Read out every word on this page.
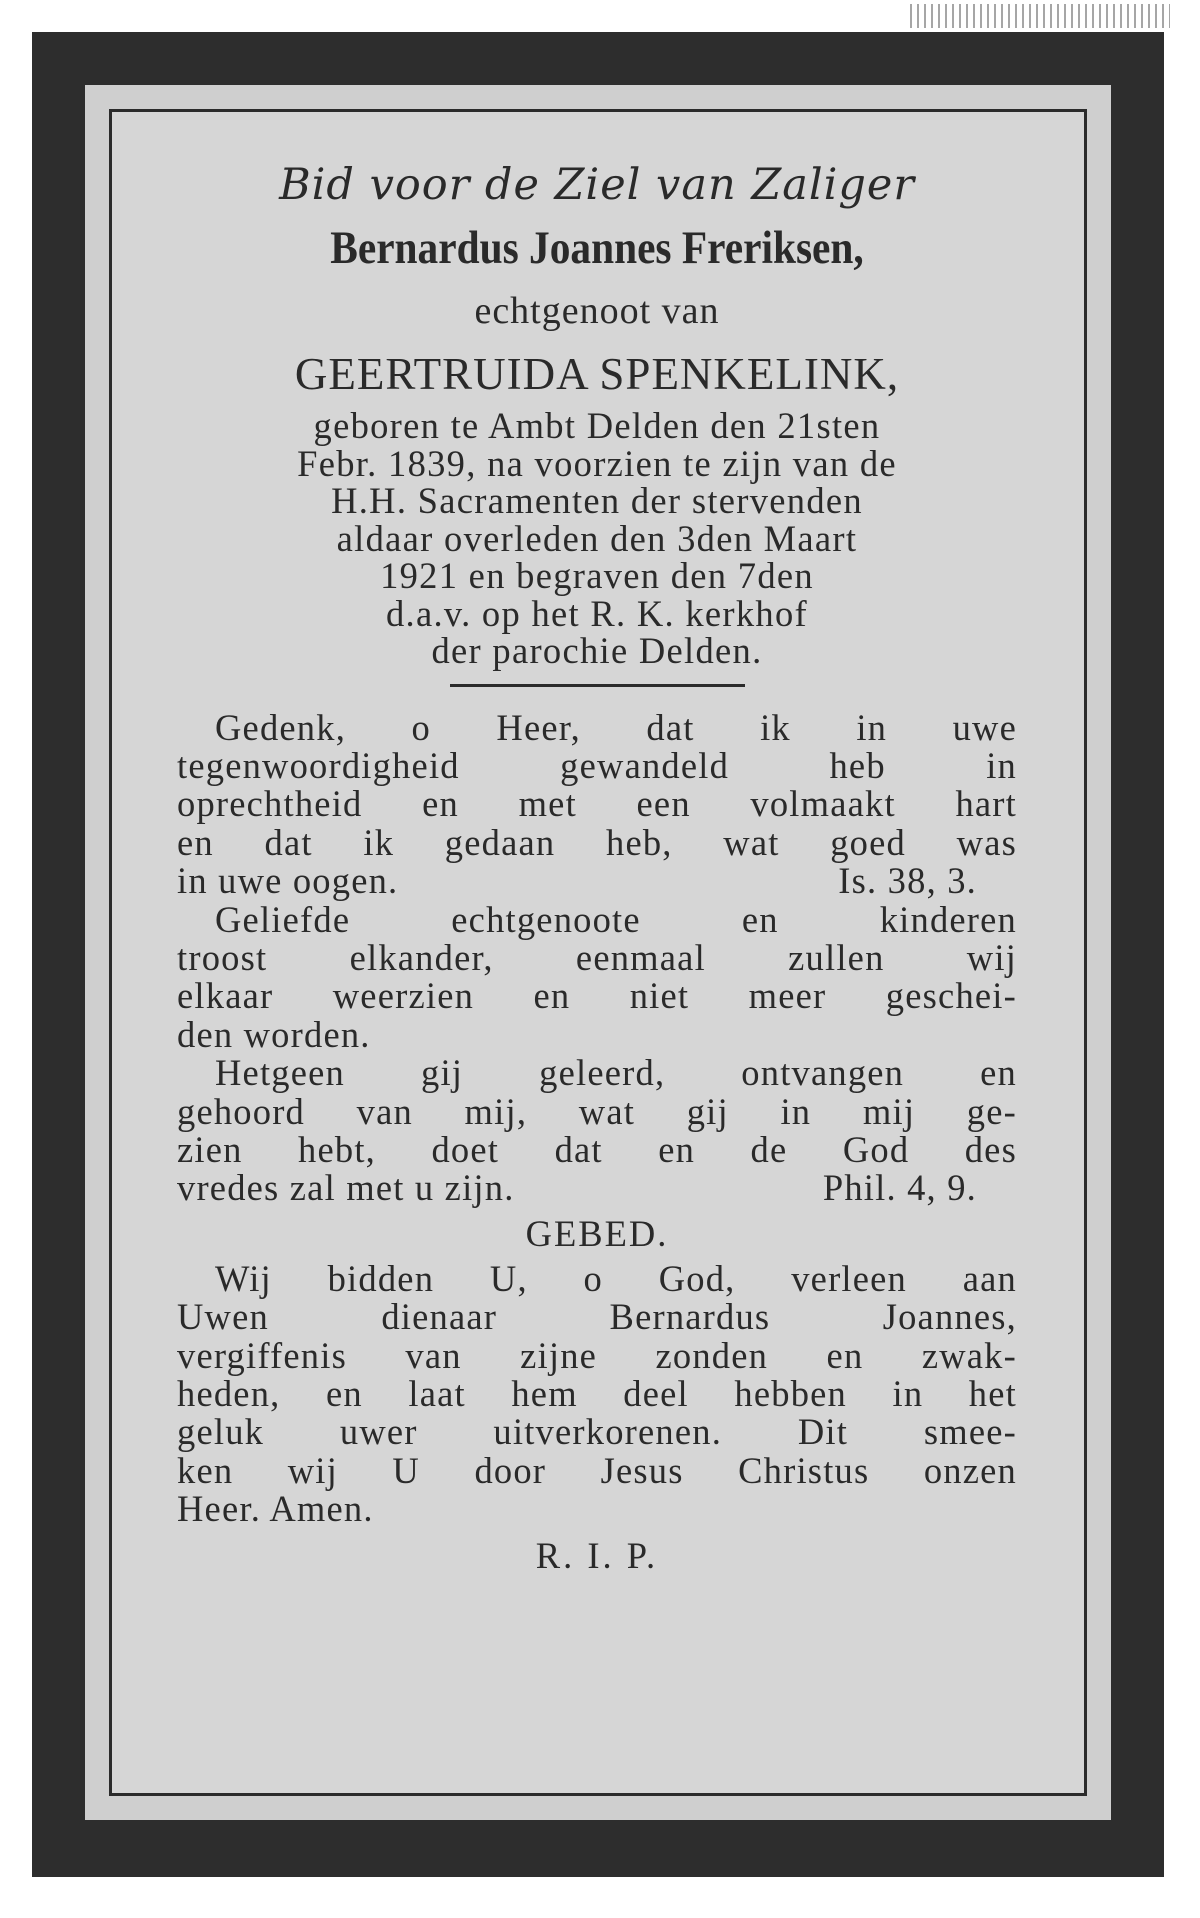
Bid voor de Ziel van Zaliger
Bernardus Joannes Freriksen,
echtgenoot van
GEERTRUIDA SPENKELINK,
geboren te Ambt Delden den 21sten
Febr. 1839, na voorzien te zijn van de
H.H. Sacramenten der stervenden
aldaar overleden den 3den Maart
1921 en begraven den 7den
d.a.v. op het R. K. kerkhof
der parochie Delden.
Gedenk, o Heer, dat ik in uwe
tegenwoordigheid gewandeld heb in
oprechtheid en met een volmaakt hart
en dat ik gedaan heb, wat goed was
in uwe oogen.	Is. 38, 3.
Geliefde echtgenoote en kinderen
troost elkander, eenmaal zullen wij
elkaar weerzien en niet meer geschei-
den worden.
Hetgeen gij geleerd, ontvangen en
gehoord van mij, wat gij in mij ge-
zien hebt, doet dat en de God des
vredes zal met u zijn.	Phil. 4, 9.
GEBED.
Wij bidden U, o God, verleen aan
Uwen dienaar Bernardus Joannes,
vergiffenis van zijne zonden en zwak-
heden, en laat hem deel hebben in het
geluk uwer uitverkorenen. Dit smee-
ken wij U door Jesus Christus onzen
Heer. Amen.
R. I. P.
